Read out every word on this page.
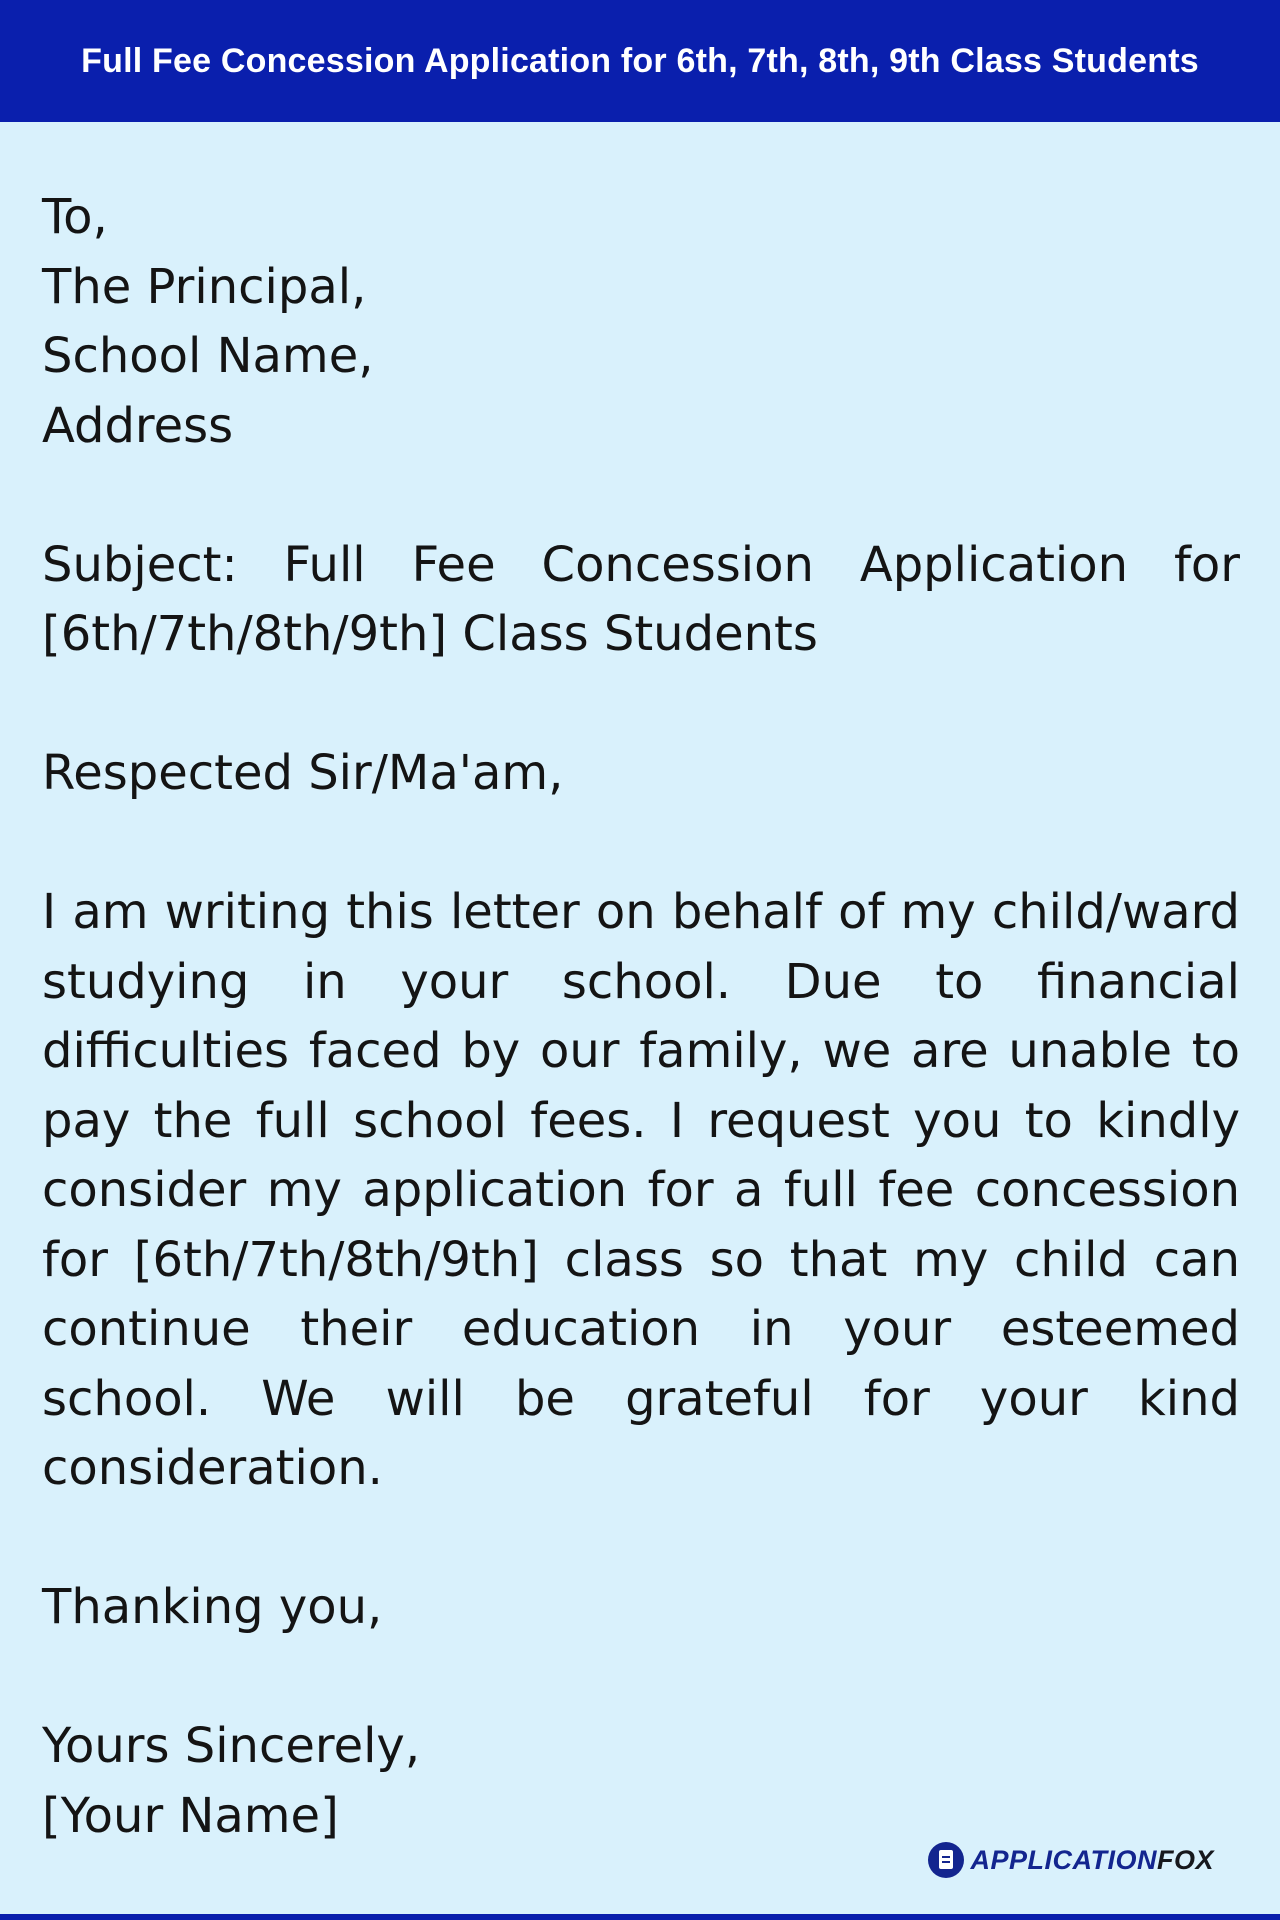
Full Fee Concession Application for 6th, 7th, 8th, 9th Class Students
To,
The Principal,
School Name,
Address
Subject: Full Fee Concession Application for [6th/7th/8th/9th] Class Students
Respected Sir/Ma'am,
I am writing this letter on behalf of my child/ward studying in your school. Due to financial difficulties faced by our family, we are unable to pay the full school fees. I request you to kindly consider my application for a full fee concession for [6th/7th/8th/9th] class so that my child can continue their education in your esteemed school. We will be grateful for your kind consideration.
Thanking you,
Yours Sincerely,
[Your Name]
APPLICATIONFOX
